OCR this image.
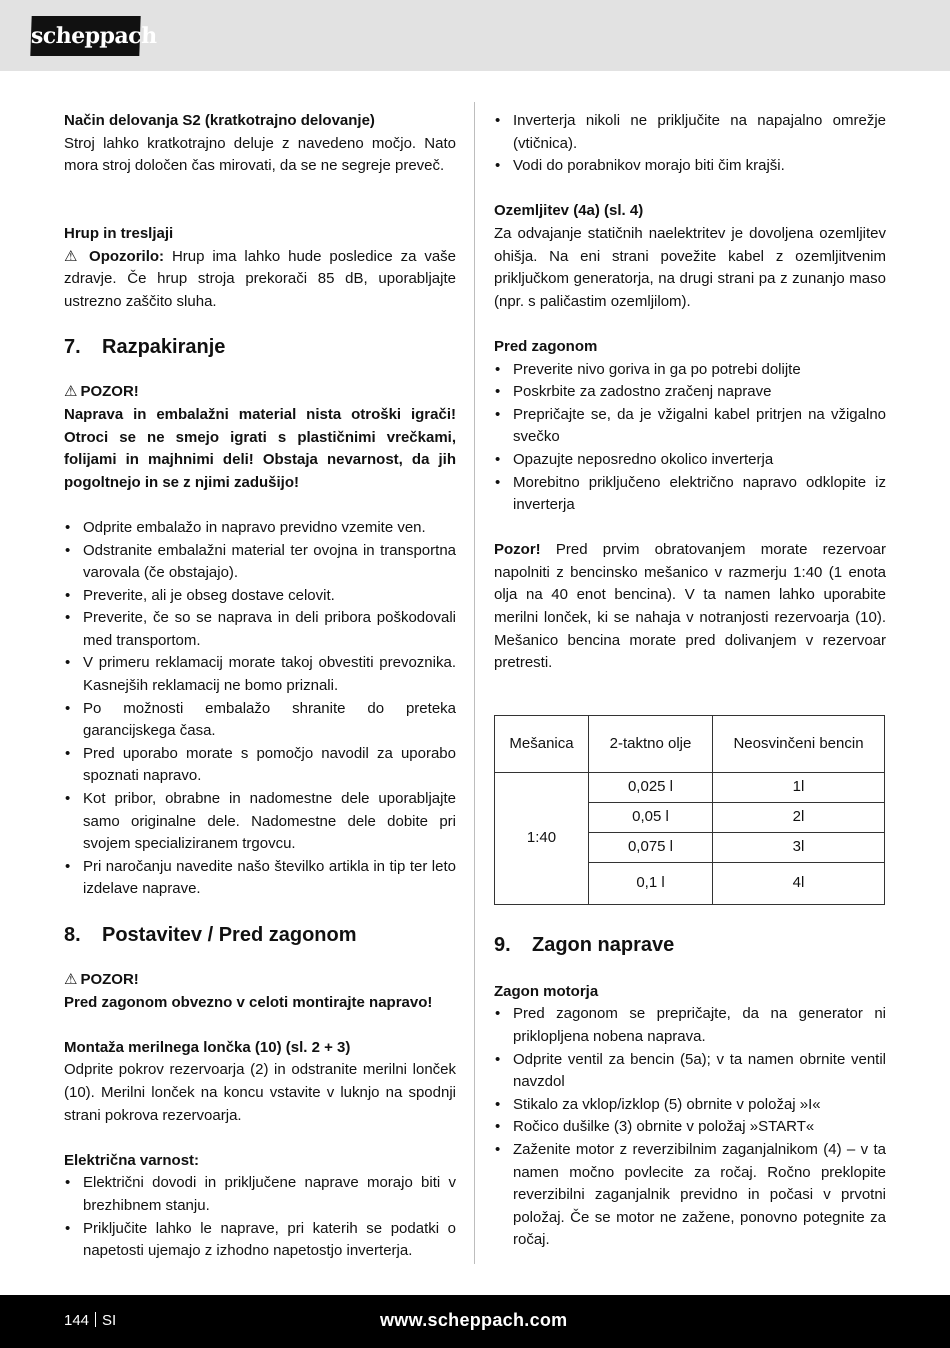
scheppach

Način delovanja S2 (kratkotrajno delovanje)

Stroj lahko kratkotrajno deluje z navedeno močjo. Nato mora stroj določen čas mirovati, da se ne segreje preveč.

Hrup in tresljaji

⚠ Opozorilo: Hrup ima lahko hude posledice za vaše zdravje. Če hrup stroja prekorači 85 dB, uporabljajte ustrezno zaščito sluha.

7. Razpakiranje

⚠ POZOR!

Naprava in embalažni material nista otroški igrači! Otroci se ne smejo igrati s plastičnimi vrečkami, folijami in majhnimi deli! Obstaja nevarnost, da jih pogoltnejo in se z njimi zadušijo!

• Odprite embalažo in napravo previdno vzemite ven.
• Odstranite embalažni material ter ovojna in transportna varovala (če obstajajo).
• Preverite, ali je obseg dostave celovit.
• Preverite, če so se naprava in deli pribora poškodovali med transportom.
• V primeru reklamacij morate takoj obvestiti prevoznika. Kasnejših reklamacij ne bomo priznali.
• Po možnosti embalažo shranite do preteka garancijskega časa.
• Pred uporabo morate s pomočjo navodil za uporabo spoznati napravo.
• Kot pribor, obrabne in nadomestne dele uporabljajte samo originalne dele. Nadomestne dele dobite pri svojem specializiranem trgovcu.
• Pri naročanju navedite našo številko artikla in tip ter leto izdelave naprave.
8. Postavitev / Pred zagonom

⚠ POZOR!

Pred zagonom obvezno v celoti montirajte napravo!

Montaža merilnega lončka (10) (sl. 2 + 3)

Odprite pokrov rezervoarja (2) in odstranite merilni lonček (10). Merilni lonček na koncu vstavite v luknjo na spodnji strani pokrova rezervoarja.

Električna varnost:

• Električni dovodi in priključene naprave morajo biti v brezhibnem stanju.
• Priključite lahko le naprave, pri katerih se podatki o napetosti ujemajo z izhodno napetostjo inverterja.
• Inverterja nikoli ne priključite na napajalno omrežje (vtičnica).
• Vodi do porabnikov morajo biti čim krajši.

Ozemljitev (4a) (sl. 4)

Za odvajanje statičnih naelektritev je dovoljena ozemljitev ohišja. Na eni strani povežite kabel z ozemljitvenim priključkom generatorja, na drugi strani pa z zunanjo maso (npr. s paličastim ozemljilom).

Pred zagonom

• Preverite nivo goriva in ga po potrebi dolijte
• Poskrbite za zadostno zračenj naprave
• Prepričajte se, da je vžigalni kabel pritrjen na vžigalno svečko
• Opazujte neposredno okolico inverterja
• Morebitno priključeno električno napravo odklopite iz inverterja

Pozor! Pred prvim obratovanjem morate rezervoar napolniti z bencinsko mešanico v razmerju 1:40 (1 enota olja na 40 enot bencina). V ta namen lahko uporabite merilni lonček, ki se nahaja v notranjosti rezervoarja (10). Mešanico bencina morate pred dolivanjem v rezervoar pretresti.

Mešanica	2-taktno olje	Neosvinčeni bencin
1:40	0,025 l	1l
	0,05 l	2l
	0,075 l	3l
	0,1 l	4l
9. Zagon naprave

Zagon motorja

• Pred zagonom se prepričajte, da na generator ni priklopljena nobena naprava.
• Odprite ventil za bencin (5a); v ta namen obrnite ventil navzdol
• Stikalo za vklop/izklop (5) obrnite v položaj »I«
• Ročico dušilke (3) obrnite v položaj »START«
• Zaženite motor z reverzibilnim zaganjalnikom (4) – v ta namen močno povlecite za ročaj. Ročno preklopite reverzibilni zaganjalnik previdno in počasi v prvotni položaj. Če se motor ne zažene, ponovno potegnite za ročaj.
144 SI	www.scheppach.com
